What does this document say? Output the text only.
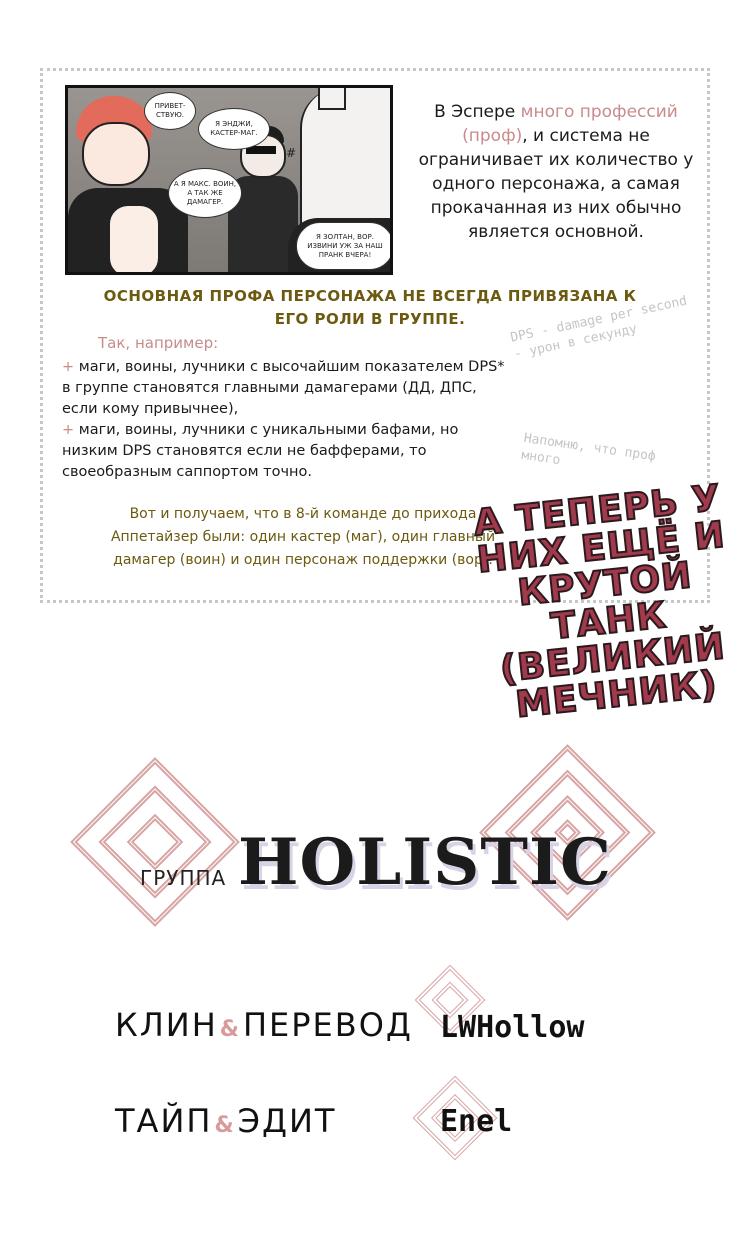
ПРИВЕТ-СТВУЮ.
Я ЭНДЖИ, КАСТЕР-МАГ.
А Я МАКС. ВОИН, А ТАК ЖЕ ДАМАГЕР.
Я ЗОЛТАН, ВОР. ИЗВИНИ УЖ ЗА НАШ ПРАНК ВЧЕРА!
#
В Эспере много профессий (проф), и система не ограничивает их количество у одного персонажа, а самая прокачанная из них обычно является основной.
ОСНОВНАЯ ПРОФА ПЕРСОНАЖА НЕ ВСЕГДА ПРИВЯЗАНА К ЕГО РОЛИ В ГРУППЕ.
Так, например:
+ маги, воины, лучники с высочайшим показателем DPS* в группе становятся главными дамагерами (ДД, ДПС, если кому привычнее),
+ маги, воины, лучники с уникальными бафами, но низким DPS становятся если не бафферами, то своеобразным саппортом точно.
DPS - damage per second - урон в секунду
Напомню, что проф много
Вот и получаем, что в 8-й команде до прихода Аппетайзер были: один кастер (маг), один главный дамагер (воин) и один персонаж поддержки (вор).
А ТЕПЕРЬ У НИХ ЕЩЁ И КРУТОЙ ТАНК (ВЕЛИКИЙ МЕЧНИК)
ГРУППА HOLISTIC
КЛИН&ПЕРЕВОД
ТАЙП&ЭДИТ
LWHollow
Enel
